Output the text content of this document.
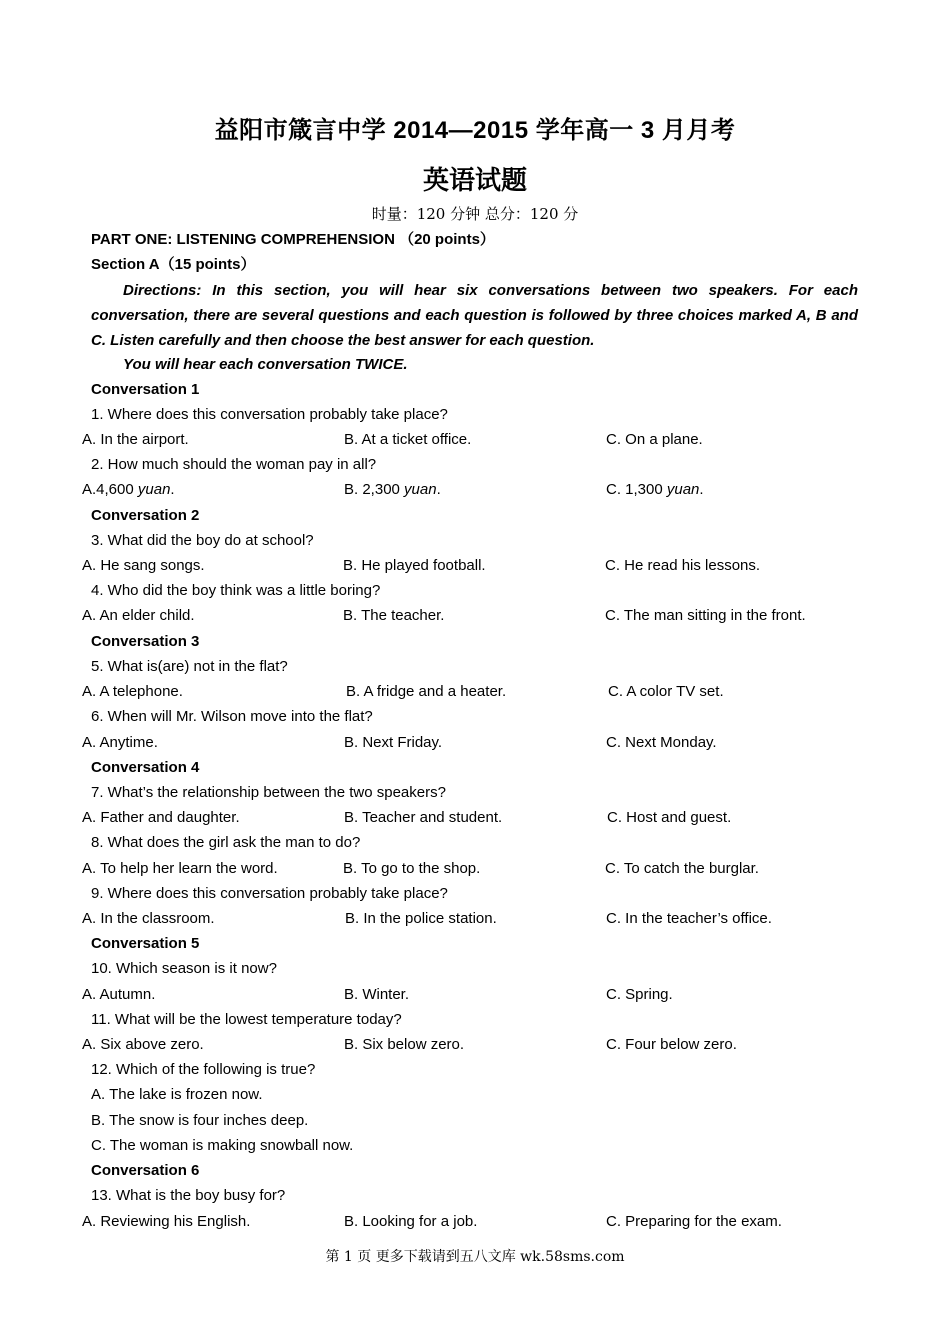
益阳市箴言中学 2014—2015 学年高一 3 月月考
英语试题
时量：120 分钟 总分：120 分
PART ONE: LISTENING COMPREHENSION （20 points）
Section A（15 points）
Directions: In this section, you will hear six conversations between two speakers. For each conversation, there are several questions and each question is followed by three choices marked A, B and C. Listen carefully and then choose the best answer for each question.
You will hear each conversation TWICE.
Conversation 1
1. Where does this conversation probably take place?
A. In the airport.	B. At a ticket office.	C. On a plane.
2. How much should the woman pay in all?
A.4,600 yuan.	B. 2,300 yuan.	C. 1,300 yuan.
Conversation 2
3. What did the boy do at school?
A. He sang songs.	B. He played football.	C. He read his lessons.
4. Who did the boy think was a little boring?
A. An elder child.	B. The teacher.	C. The man sitting in the front.
Conversation 3
5. What is(are) not in the flat?
A. A telephone.	B. A fridge and a heater.	C. A color TV set.
6. When will Mr. Wilson move into the flat?
A. Anytime.	B. Next Friday.	C. Next Monday.
Conversation 4
7. What’s the relationship between the two speakers?
A. Father and daughter.	B. Teacher and student.	C. Host and guest.
8. What does the girl ask the man to do?
A. To help her learn the word.	B. To go to the shop.	C. To catch the burglar.
9. Where does this conversation probably take place?
A. In the classroom.	B. In the police station.	C. In the teacher’s office.
Conversation 5
10. Which season is it now?
A. Autumn.	B. Winter.	C. Spring.
11. What will be the lowest temperature today?
A. Six above zero.	B. Six below zero.	C. Four below zero.
12. Which of the following is true?
A. The lake is frozen now.
B. The snow is four inches deep.
C. The woman is making snowball now.
Conversation 6
13. What is the boy busy for?
A. Reviewing his English.	B. Looking for a job.	C. Preparing for the exam.
第 1 页 更多下载请到五八文库 wk.58sms.com
